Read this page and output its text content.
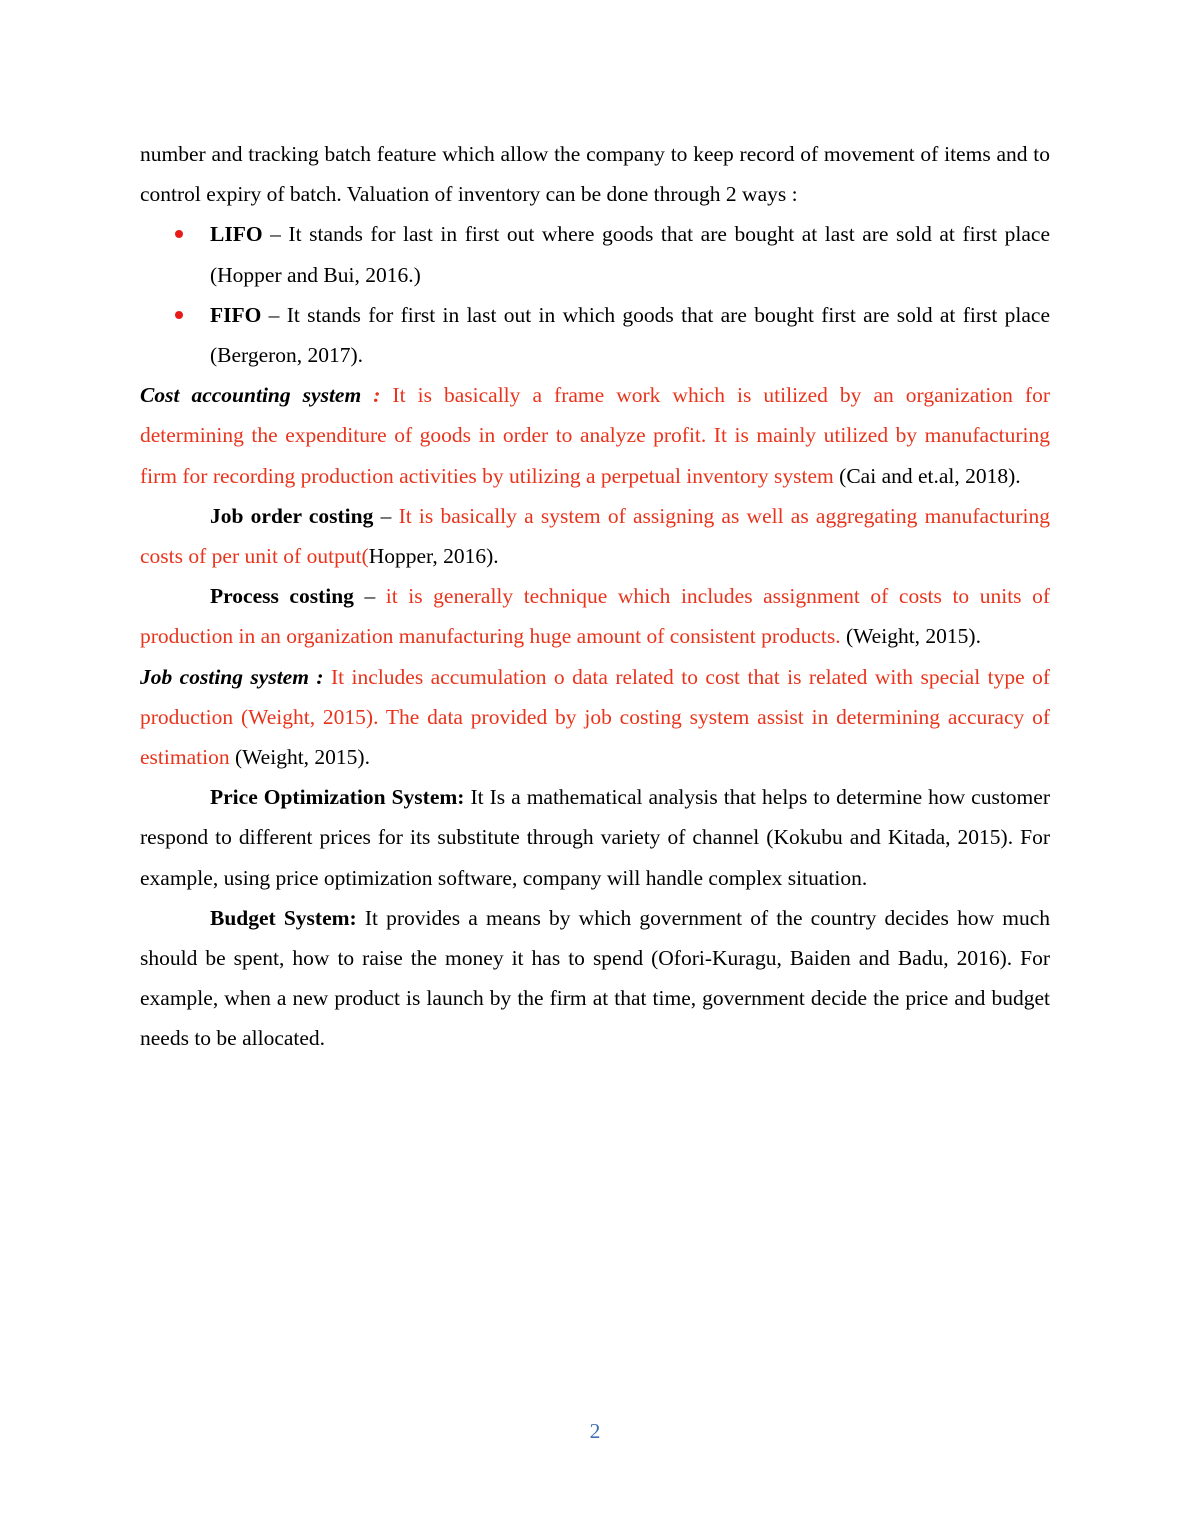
number and tracking batch feature which allow the company to keep record of movement of items and to control expiry of batch. Valuation of inventory can be done through 2 ways :

LIFO – It stands for last in first out where goods that are bought at last are sold at first place (Hopper and Bui, 2016.)
FIFO – It stands for first in last out in which goods that are bought first are sold at first place (Bergeron, 2017).

Cost accounting system : It is basically a frame work which is utilized by an organization for determining the expenditure of goods in order to analyze profit. It is mainly utilized by manufacturing firm for recording production activities by utilizing a perpetual inventory system (Cai and et.al, 2018).

Job order costing – It is basically a system of assigning as well as aggregating manufacturing costs of per unit of output(Hopper, 2016).

Process costing – it is generally technique which includes assignment of costs to units of production in an organization manufacturing huge amount of consistent products. (Weight, 2015).

Job costing system : It includes accumulation o data related to cost that is related with special type of production (Weight, 2015). The data provided by job costing system assist in determining accuracy of estimation (Weight, 2015).

Price Optimization System: It Is a mathematical analysis that helps to determine how customer respond to different prices for its substitute through variety of channel (Kokubu and Kitada, 2015). For example, using price optimization software, company will handle complex situation.

Budget System: It provides a means by which government of the country decides how much should be spent, how to raise the money it has to spend (Ofori-Kuragu, Baiden and Badu, 2016). For example, when a new product is launch by the firm at that time, government decide the price and budget needs to be allocated.

2
